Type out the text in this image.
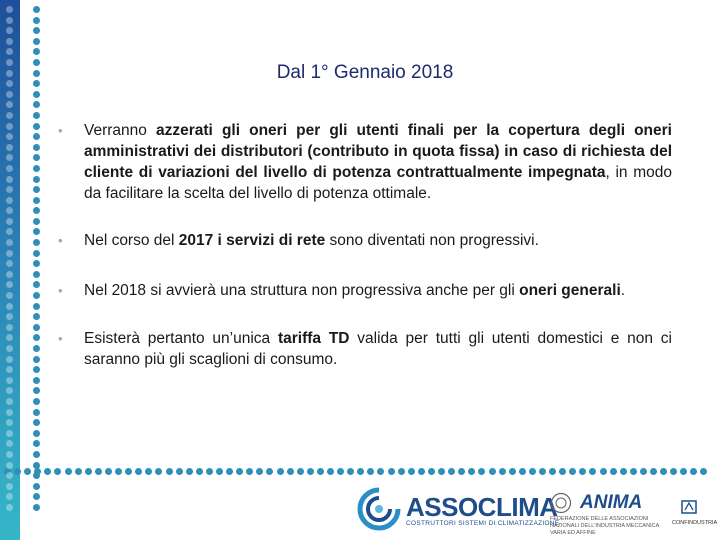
Dal 1° Gennaio 2018
• Verranno azzerati gli oneri per gli utenti finali per la copertura degli oneri amministrativi dei distributori (contributo in quota fissa) in caso di richiesta del cliente di variazioni del livello di potenza contrattualmente impegnata, in modo da facilitare la scelta del livello di potenza ottimale.
• Nel corso del 2017 i servizi di rete sono diventati non progressivi.
• Nel 2018 si avvierà una struttura non progressiva anche per gli oneri generali.
• Esisterà pertanto un’unica tariffa TD valida per tutti gli utenti domestici e non ci saranno più gli scaglioni di consumo.
ASSOCLIMA
COSTRUTTORI SISTEMI DI CLIMATIZZAZIONE
ANIMA
FEDERAZIONE DELLE ASSOCIAZIONI NAZIONALI DELL'INDUSTRIA MECCANICA VARIA ED AFFINE
CONFINDUSTRIA
